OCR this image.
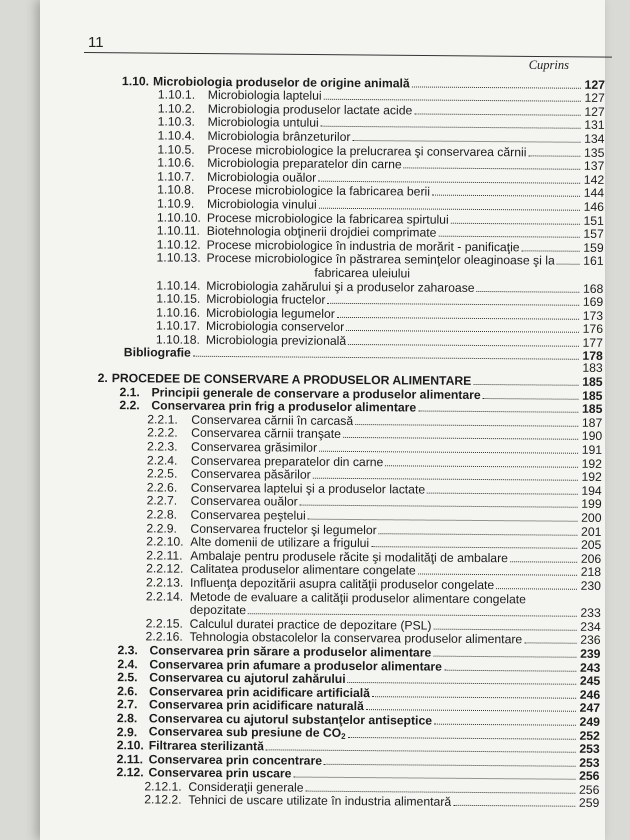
11
Cuprins
1.10. Microbiologia produselor de origine animală	127
1.10.1.	Microbiologia laptelui	127
1.10.2.	Microbiologia produselor lactate acide	127
1.10.3.	Microbiologia untului	131
1.10.4.	Microbiologia brânzeturilor	134
1.10.5.	Procese microbiologice la prelucrarea şi conservarea cărnii	135
1.10.6.	Microbiologia preparatelor din carne	137
1.10.7.	Microbiologia ouălor	142
1.10.8.	Procese microbiologice la fabricarea berii	144
1.10.9.	Microbiologia vinului	146
1.10.10. Procese microbiologice la fabricarea spirtului	151
1.10.11. Biotehnologia obţinerii drojdiei comprimate	157
1.10.12. Procese microbiologice în industria de morărit - panificaţie	159
1.10.13. Procese microbiologice în păstrarea seminţelor oleaginoase şi la 161
fabricarea uleiului
1.10.14. Microbiologia zahărului şi a produselor zaharoase	168
1.10.15. Microbiologia fructelor	169
1.10.16. Microbiologia legumelor	173
1.10.17. Microbiologia conservelor	176
1.10.18. Microbiologia previzională	177
Bibliografie	178
183
2. PROCEDEE DE CONSERVARE A PRODUSELOR ALIMENTARE	185
2.1. Principii generale de conservare a produselor alimentare	185
2.2. Conservarea prin frig a produselor alimentare	185
2.2.1.	Conservarea cărnii în carcasă	187
2.2.2.	Conservarea cărnii tranşate	190
2.2.3.	Conservarea grăsimilor	191
2.2.4.	Conservarea preparatelor din carne	192
2.2.5.	Conservarea păsărilor	192
2.2.6.	Conservarea laptelui şi a produselor lactate	194
2.2.7.	Conservarea ouălor	199
2.2.8.	Conservarea peştelui	200
2.2.9.	Conservarea fructelor şi legumelor	201
2.2.10. Alte domenii de utilizare a frigului	205
2.2.11. Ambalaje pentru produsele răcite şi modalităţi de ambalare	206
2.2.12. Calitatea produselor alimentare congelate	218
2.2.13. Influenţa depozitării asupra calităţii produselor congelate	230
2.2.14. Metode de evaluare a calităţii produselor alimentare congelate
depozitate	233
2.2.15. Calculul duratei practice de depozitare (PSL)	234
2.2.16. Tehnologia obstacolelor la conservarea produselor alimentare	236
2.3. Conservarea prin sărare a produselor alimentare	239
2.4. Conservarea prin afumare a produselor alimentare	243
2.5. Conservarea cu ajutorul zahărului	245
2.6. Conservarea prin acidificare artificială	246
2.7. Conservarea prin acidificare naturală	247
2.8. Conservarea cu ajutorul substanţelor antiseptice	249
2.9. Conservarea sub presiune de $CO_2$	252
2.10. Filtrarea sterilizantă	253
2.11. Conservarea prin concentrare	253
2.12. Conservarea prin uscare	256
2.12.1. Consideraţii generale	256
2.12.2. Tehnici de uscare utilizate în industria alimentară	259
